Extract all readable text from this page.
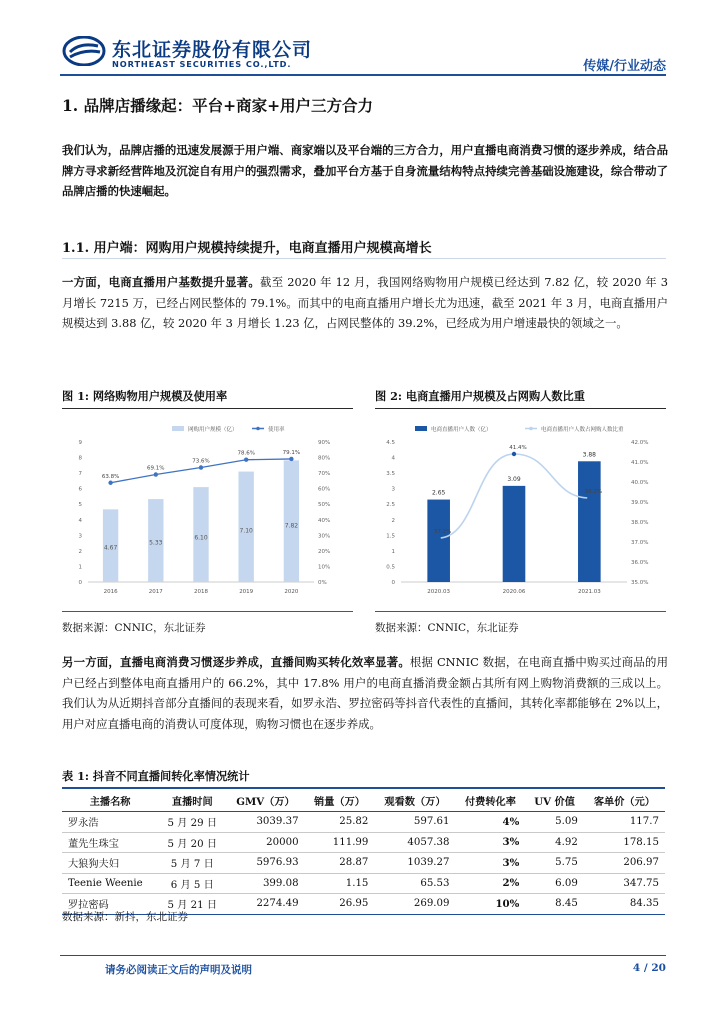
东北证券股份有限公司
NORTHEAST SECURITIES CO.,LTD.	传媒/行业动态
1. 品牌店播缘起：平台+商家+用户三方合力
我们认为，品牌店播的迅速发展源于用户端、商家端以及平台端的三方合力，用户直播电商消费习惯的逐步养成，结合品牌方寻求新经营阵地及沉淀自有用户的强烈需求，叠加平台方基于自身流量结构特点持续完善基础设施建设，综合带动了品牌店播的快速崛起。
1.1. 用户端：网购用户规模持续提升，电商直播用户规模高增长
一方面，电商直播用户基数提升显著。截至 2020 年 12 月，我国网络购物用户规模已经达到 7.82 亿，较 2020 年 3 月增长 7215 万，已经占网民整体的 79.1%。而其中的电商直播用户增长尤为迅速，截至 2021 年 3 月，电商直播用户规模达到 3.88 亿，较 2020 年 3 月增长 1.23 亿，占网民整体的 39.2%，已经成为用户增速最快的领域之一。
图 1: 网络购物用户规模及使用率
网购用户规模（亿）	使用率
0
1
2
3
4
5
6
7
8
9
0%
10%
20%
30%
40%
50%
60%
70%
80%
90%
4.67
2016
5.33
2017
6.10
2018
7.10
2019
7.82
2020
63.8%
69.1%
73.6%
78.6%	79.1%
数据来源：CNNIC，东北证券
图 2: 电商直播用户规模及占网购人数比重
电商直播用户人数（亿）	电商直播用户人数占网购人数比重
0
0.5
1
1.5
2
2.5
3
3.5
4
4.5
35.0%
36.0%
37.0%
38.0%
39.0%
40.0%
41.0%
42.0%
2.65
2020.03
3.09
2020.06
3.88
2021.03
37.2%
41.4%
39.2%
数据来源：CNNIC，东北证券
另一方面，直播电商消费习惯逐步养成，直播间购买转化效率显著。根据 CNNIC 数据，在电商直播中购买过商品的用户已经占到整体电商直播用户的 66.2%，其中 17.8% 用户的电商直播消费金额占其所有网上购物消费额的三成以上。我们认为从近期抖音部分直播间的表现来看，如罗永浩、罗拉密码等抖音代表性的直播间，其转化率都能够在 2%以上，用户对应直播电商的消费认可度体现，购物习惯也在逐步养成。
表 1: 抖音不同直播间转化率情况统计
主播名称	直播时间	GMV（万）	销量（万）	观看数（万）	付费转化率	UV 价值	客单价（元）
罗永浩	5 月 29 日	3039.37	25.82	597.61	4%	5.09	117.7
董先生珠宝	5 月 20 日	20000	111.99	4057.38	3%	4.92	178.15
大狼狗夫妇	5 月 7 日	5976.93	28.87	1039.27	3%	5.75	206.97
Teenie Weenie	6 月 5 日	399.08	1.15	65.53	2%	6.09	347.75
罗拉密码	5 月 21 日	2274.49	26.95	269.09	10%	8.45	84.35
数据来源：新抖，东北证券
请务必阅读正文后的声明及说明	4 / 20
